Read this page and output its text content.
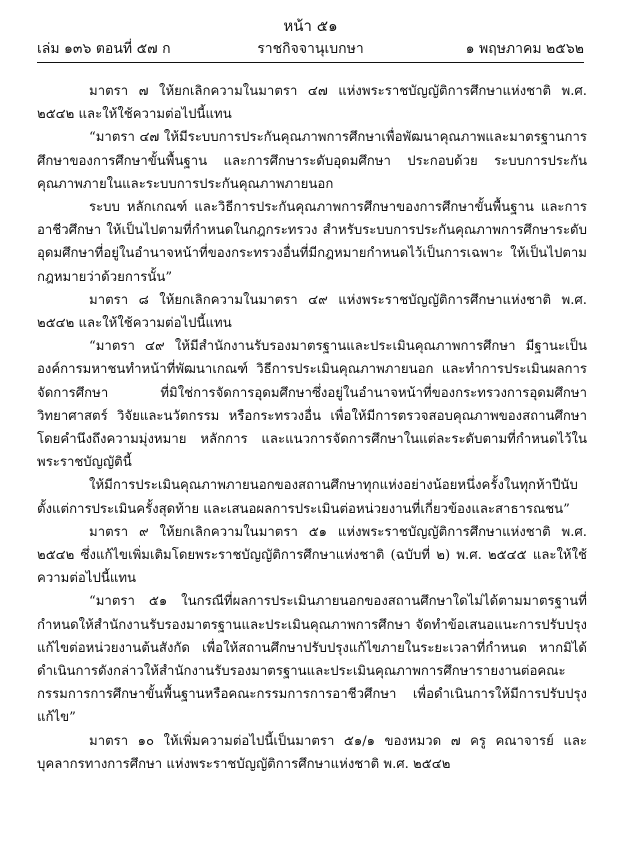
หน้า ๕๑
เล่ม ๑๓๖ ตอนที่ ๕๗ ก	ราชกิจจานุเบกษา	๑ พฤษภาคม ๒๕๖๒

มาตรา ๗ ให้ยกเลิกความในมาตรา ๔๗ แห่งพระราชบัญญัติการศึกษาแห่งชาติ พ.ศ. ๒๕๔๒ และให้ใช้ความต่อไปนี้แทน

“มาตรา ๔๗ ให้มีระบบการประกันคุณภาพการศึกษาเพื่อพัฒนาคุณภาพและมาตรฐานการศึกษาของการศึกษาขั้นพื้นฐาน และการศึกษาระดับอุดมศึกษา ประกอบด้วย ระบบการประกันคุณภาพภายในและระบบการประกันคุณภาพภายนอก

ระบบ หลักเกณฑ์ และวิธีการประกันคุณภาพการศึกษาของการศึกษาขั้นพื้นฐาน และการอาชีวศึกษา ให้เป็นไปตามที่กำหนดในกฎกระทรวง สำหรับระบบการประกันคุณภาพการศึกษาระดับอุดมศึกษาที่อยู่ในอำนาจหน้าที่ของกระทรวงอื่นที่มีกฎหมายกำหนดไว้เป็นการเฉพาะ ให้เป็นไปตามกฎหมายว่าด้วยการนั้น”

มาตรา ๘ ให้ยกเลิกความในมาตรา ๔๙ แห่งพระราชบัญญัติการศึกษาแห่งชาติ พ.ศ. ๒๕๔๒ และให้ใช้ความต่อไปนี้แทน

“มาตรา ๔๙ ให้มีสำนักงานรับรองมาตรฐานและประเมินคุณภาพการศึกษา มีฐานะเป็นองค์การมหาชนทำหน้าที่พัฒนาเกณฑ์ วิธีการประเมินคุณภาพภายนอก และทำการประเมินผลการจัดการศึกษา ที่มิใช่การจัดการอุดมศึกษาซึ่งอยู่ในอำนาจหน้าที่ของกระทรวงการอุดมศึกษา วิทยาศาสตร์ วิจัยและนวัตกรรม หรือกระทรวงอื่น เพื่อให้มีการตรวจสอบคุณภาพของสถานศึกษา โดยคำนึงถึงความมุ่งหมาย หลักการ และแนวการจัดการศึกษาในแต่ละระดับตามที่กำหนดไว้ในพระราชบัญญัตินี้

ให้มีการประเมินคุณภาพภายนอกของสถานศึกษาทุกแห่งอย่างน้อยหนึ่งครั้งในทุกห้าปีนับตั้งแต่การประเมินครั้งสุดท้าย และเสนอผลการประเมินต่อหน่วยงานที่เกี่ยวข้องและสาธารณชน”

มาตรา ๙ ให้ยกเลิกความในมาตรา ๕๑ แห่งพระราชบัญญัติการศึกษาแห่งชาติ พ.ศ. ๒๕๔๒ ซึ่งแก้ไขเพิ่มเติมโดยพระราชบัญญัติการศึกษาแห่งชาติ (ฉบับที่ ๒) พ.ศ. ๒๕๔๕ และให้ใช้ความต่อไปนี้แทน

“มาตรา ๕๑ ในกรณีที่ผลการประเมินภายนอกของสถานศึกษาใดไม่ได้ตามมาตรฐานที่กำหนดให้สำนักงานรับรองมาตรฐานและประเมินคุณภาพการศึกษา จัดทำข้อเสนอแนะการปรับปรุงแก้ไขต่อหน่วยงานต้นสังกัด เพื่อให้สถานศึกษาปรับปรุงแก้ไขภายในระยะเวลาที่กำหนด หากมิได้ดำเนินการดังกล่าวให้สำนักงานรับรองมาตรฐานและประเมินคุณภาพการศึกษารายงานต่อคณะกรรมการการศึกษาขั้นพื้นฐานหรือคณะกรรมการการอาชีวศึกษา เพื่อดำเนินการให้มีการปรับปรุงแก้ไข”

มาตรา ๑๐ ให้เพิ่มความต่อไปนี้เป็นมาตรา ๕๑/๑ ของหมวด ๗ ครู คณาจารย์ และบุคลากรทางการศึกษา แห่งพระราชบัญญัติการศึกษาแห่งชาติ พ.ศ. ๒๕๔๒
